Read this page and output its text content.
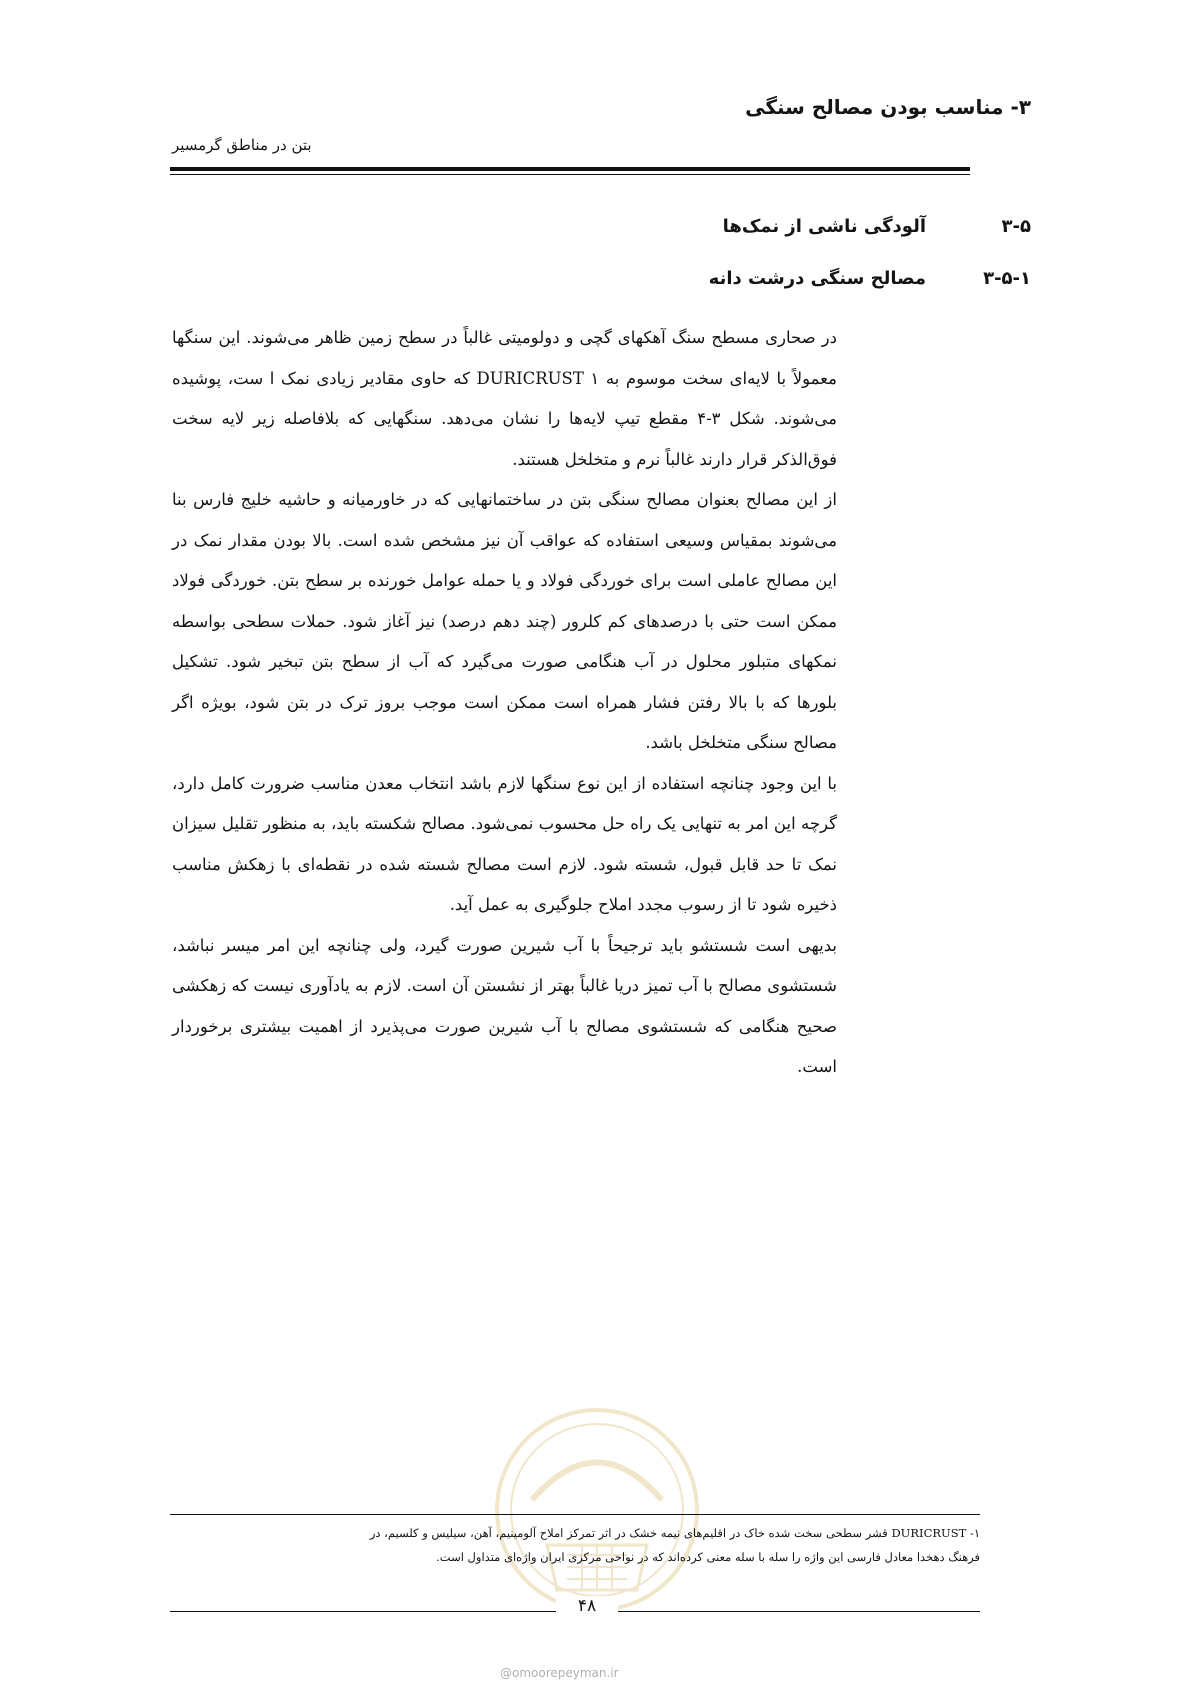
۳- مناسب بودن مصالح سنگی
بتن در مناطق گرمسیر
۳-۵
آلودگی ناشی از نمک‌ها
۳-۵-۱
مصالح سنگی درشت دانه

در صحاری مسطح سنگ آهکهای گچی و دولومیتی غالباً در سطح زمین ظاهر می‌شوند. این سنگها معمولاً با لایه‌ای سخت موسوم به DURICRUST ۱ که حاوی مقادیر زیادی نمک ا ست، پوشیده می‌شوند. شکل ۳-۴ مقطع تیپ لایه‌ها را نشان می‌دهد. سنگهایی که بلافاصله زیر لایه سخت فوق‌الذکر قرار دارند غالباً نرم و متخلخل هستند.

از این مصالح بعنوان مصالح سنگی بتن در ساختمانهایی که در خاورمیانه و حاشیه خلیج فارس بنا می‌شوند بمقیاس وسیعی استفاده که عواقب آن نیز مشخص شده است. بالا بودن مقدار نمک در این مصالح عاملی است برای خوردگی فولاد و یا حمله عوامل خورنده بر سطح بتن. خوردگی فولاد ممکن است حتی با درصدهای کم کلرور (چند دهم درصد) نیز آغاز شود. حملات سطحی بواسطه نمکهای متبلور محلول در آب هنگامی صورت می‌گیرد که آب از سطح بتن تبخیر شود. تشکیل بلورها که با بالا رفتن فشار همراه است ممکن است موجب بروز ترک در بتن شود، بویژه اگر مصالح سنگی متخلخل باشد.

با این وجود چنانچه استفاده از این نوع سنگها لازم باشد انتخاب معدن مناسب ضرورت کامل دارد، گرچه این امر به تنهایی یک راه حل محسوب نمی‌شود. مصالح شکسته باید، به منظور تقلیل سیزان نمک تا حد قابل قبول، شسته شود. لازم است مصالح شسته شده در نقطه‌ای با زهکش مناسب ذخیره شود تا از رسوب مجدد املاح جلوگیری به عمل آید.

بدیهی است شستشو باید ترجیحاً با آب شیرین صورت گیرد، ولی چنانچه این امر میسر نباشد، شستشوی مصالح با آب تمیز دریا غالباً بهتر از نشستن آن است. لازم به یادآوری نیست که زهکشی صحیح هنگامی که شستشوی مصالح با آب شیرین صورت می‌پذیرد از اهمیت بیشتری برخوردار است.

۱- DURICRUST قشر سطحی سخت شده خاک در اقلیم‌های نیمه خشک در اثر تمرکز املاح آلومینیم، آهن، سیلیس و کلسیم، در

فرهنگ دهخدا معادل فارسی این واژه را سله با سله معنی کرده‌اند که در نواحی مرکزی ایران واژه‌ای متداول است.

۴۸
@omoorepeyman.ir
